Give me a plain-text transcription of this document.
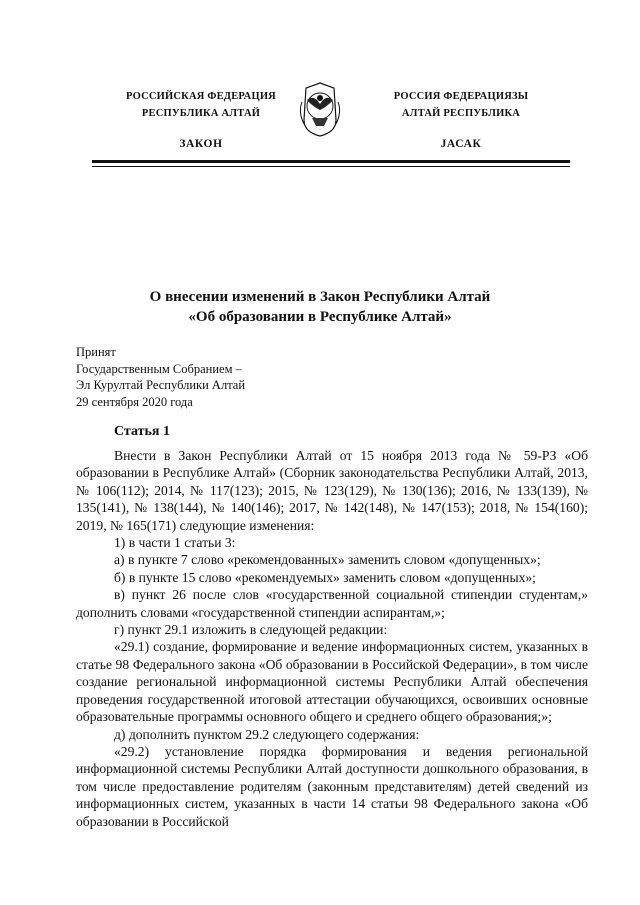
РОССИЙСКАЯ ФЕДЕРАЦИЯ
РЕСПУБЛИКА АЛТАЙ
ЗАКОН
РОССИЯ ФЕДЕРАЦИЯЗЫ
АЛТАЙ РЕСПУБЛИКА
JАСАК
О внесении изменений в Закон Республики Алтай
«Об образовании в Республике Алтай»
Принят
Государственным Собранием –
Эл Курултай Республики Алтай
29 сентября 2020 года
Статья 1

Внести в Закон Республики Алтай от 15 ноября 2013 года № 59-РЗ «Об образовании в Республике Алтай» (Сборник законодательства Республики Алтай, 2013, № 106(112); 2014, № 117(123); 2015, № 123(129), № 130(136); 2016, № 133(139), № 135(141), № 138(144), № 140(146); 2017, № 142(148), № 147(153); 2018, № 154(160); 2019, № 165(171) следующие изменения:

1) в части 1 статьи 3:

а) в пункте 7 слово «рекомендованных» заменить словом «допущенных»;

б) в пункте 15 слово «рекомендуемых» заменить словом «допущенных»;

в) пункт 26 после слов «государственной социальной стипендии студентам,» дополнить словами «государственной стипендии аспирантам,»;

г) пункт 29.1 изложить в следующей редакции:

«29.1) создание, формирование и ведение информационных систем, указанных в статье 98 Федерального закона «Об образовании в Российской Федерации», в том числе создание региональной информационной системы Республики Алтай обеспечения проведения государственной итоговой аттестации обучающихся, освоивших основные образовательные программы основного общего и среднего общего образования;»;

д) дополнить пунктом 29.2 следующего содержания:

«29.2) установление порядка формирования и ведения региональной информационной системы Республики Алтай доступности дошкольного образования, в том числе предоставление родителям (законным представителям) детей сведений из информационных систем, указанных в части 14 статьи 98 Федерального закона «Об образовании в Российской
